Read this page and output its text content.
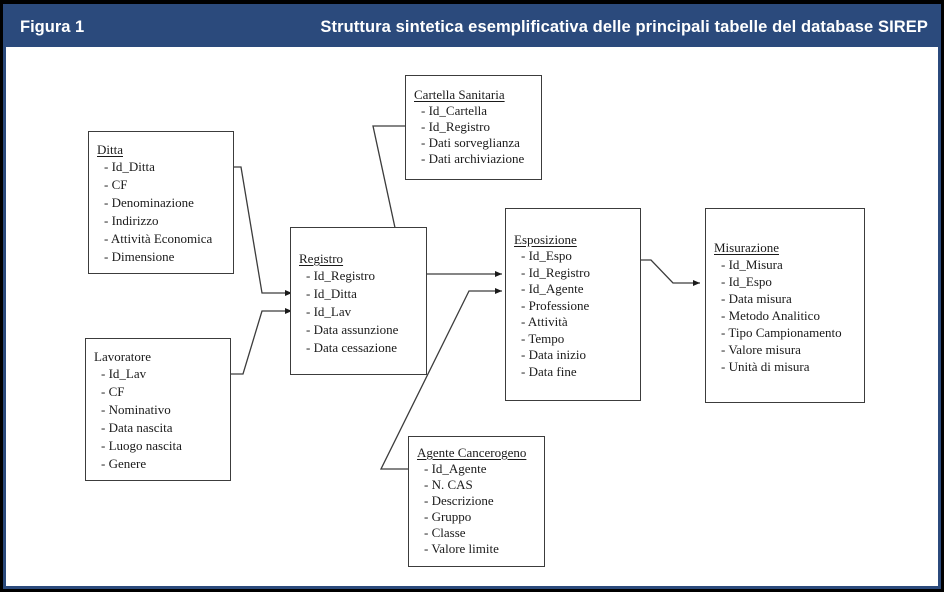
Figura 1	Struttura sintetica esemplificativa delle principali tabelle del database SIREP
Ditta
- Id_Ditta
- CF
- Denominazione
- Indirizzo
- Attività Economica
- Dimensione
Lavoratore
- Id_Lav
- CF
- Nominativo
- Data nascita
- Luogo nascita
- Genere
Registro
- Id_Registro
- Id_Ditta
- Id_Lav
- Data assunzione
- Data cessazione
Cartella Sanitaria
- Id_Cartella
- Id_Registro
- Dati sorveglianza
- Dati archiviazione
Esposizione
- Id_Espo
- Id_Registro
- Id_Agente
- Professione
- Attività
- Tempo
- Data inizio
- Data fine
Misurazione
- Id_Misura
- Id_Espo
- Data misura
- Metodo Analitico
- Tipo Campionamento
- Valore misura
- Unità di misura
Agente Cancerogeno
- Id_Agente
- N. CAS
- Descrizione
- Gruppo
- Classe
- Valore limite
